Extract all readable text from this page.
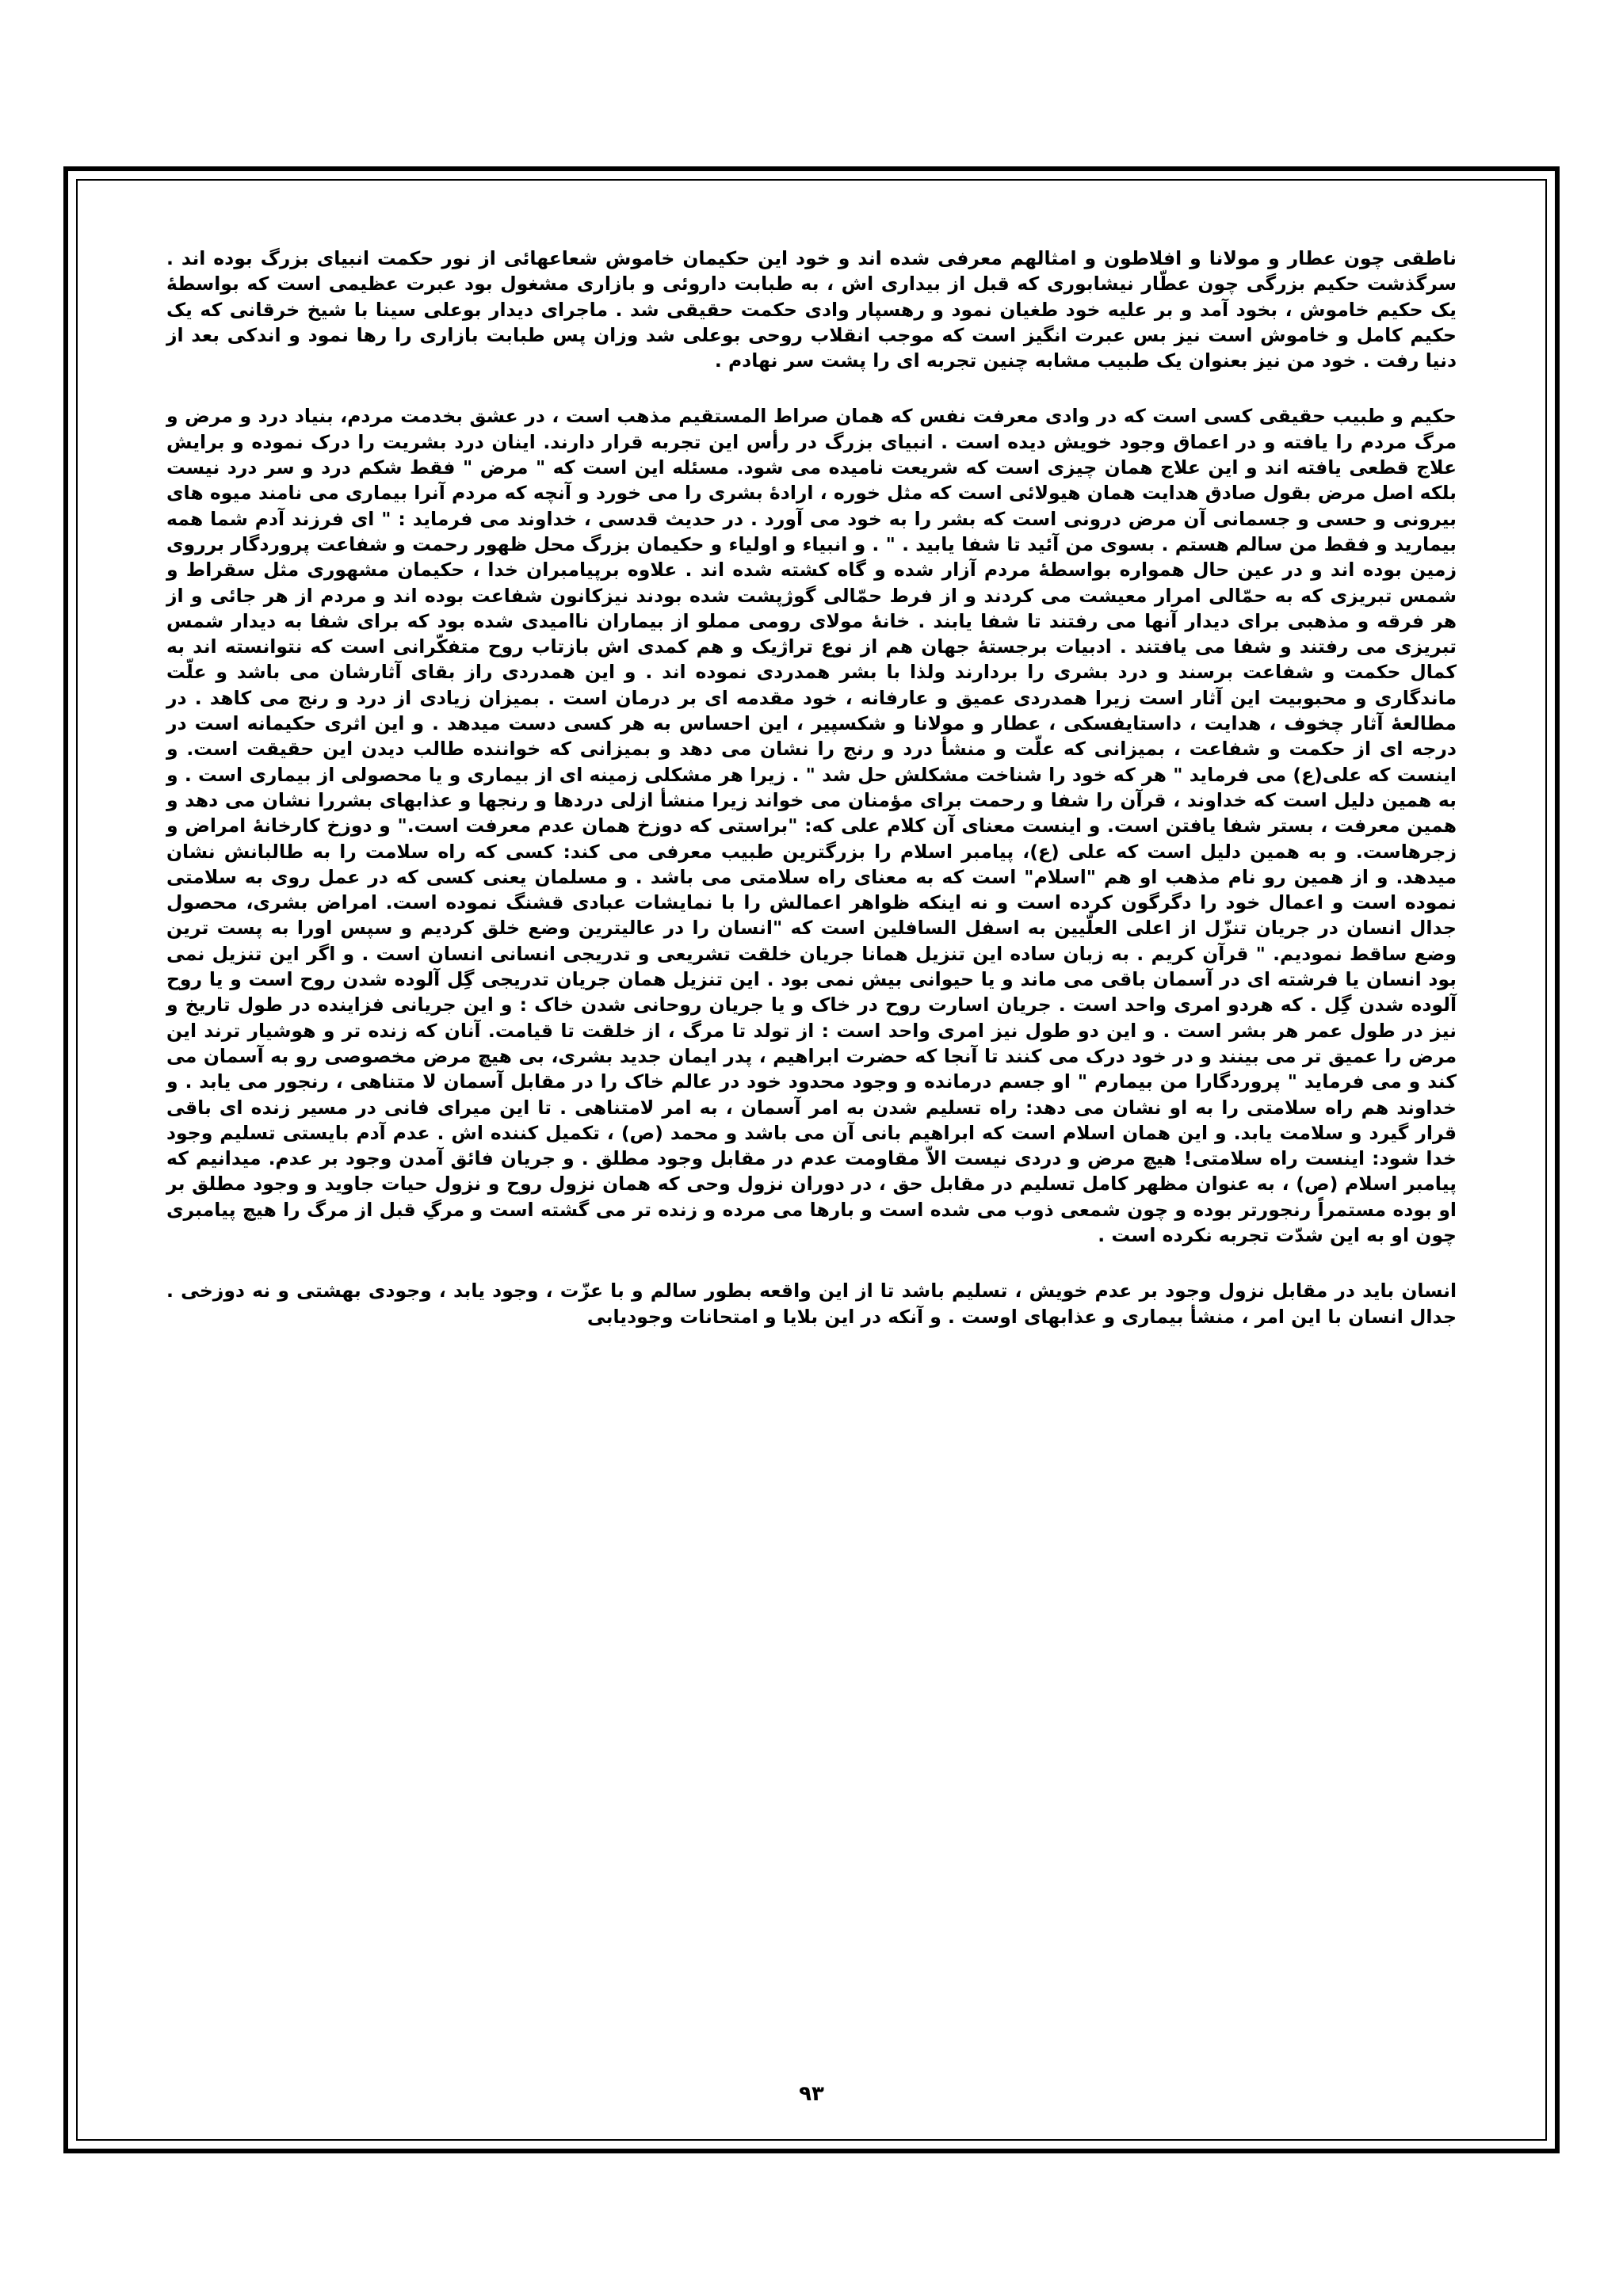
ناطقی چون عطار و مولانا و افلاطون و امثالهم معرفی شده اند و خود این حکیمان خاموش شعاعهائی از نور حکمت انبیای بزرگ بوده اند . سرگذشت حکیم بزرگی چون عطّار نیشابوری که قبل از بیداری اش ، به طبابت داروئی و بازاری مشغول بود عبرت عظیمی است که بواسطهٔ یک حکیم خاموش ، بخود آمد و بر علیه خود طغیان نمود و رهسپار وادی حکمت حقیقی شد . ماجرای دیدار بوعلی سینا با شیخ خرقانی که یک حکیم کامل و خاموش است نیز بس عبرت انگیز است که موجب انقلاب روحی بوعلی شد وزان پس طبابت بازاری را رها نمود و اندکی بعد از دنیا رفت . خود من نیز بعنوان یک طبیب مشابه چنین تجربه ای را پشت سر نهادم .

حکیم و طبیب حقیقی کسی است که در وادی معرفت نفس که همان صراط المستقیم مذهب است ، در عشق بخدمت مردم، بنیاد درد و مرض و مرگ مردم را یافته و در اعماق وجود خویش دیده است . انبیای بزرگ در رأس این تجربه قرار دارند. اینان درد بشریت را درک نموده و برایش علاج قطعی یافته اند و این علاج همان چیزی است که شریعت نامیده می شود. مسئله این است که " مرض " فقط شکم درد و سر درد نیست بلکه اصل مرض بقول صادق هدایت همان هیولائی است که مثل خوره ، ارادهٔ بشری را می خورد و آنچه که مردم آنرا بیماری می نامند میوه های بیرونی و حسی و جسمانی آن مرض درونی است که بشر را به خود می آورد . در حدیث قدسی ، خداوند می فرماید : " ای فرزند آدم شما همه بیمارید و فقط من سالم هستم . بسوی من آئید تا شفا یابید . " . و انبیاء و اولیاء و حکیمان بزرگ محل ظهور رحمت و شفاعت پروردگار برروی زمین بوده اند و در عین حال همواره بواسطهٔ مردم آزار شده و گاه کشته شده اند . علاوه برپیامبران خدا ، حکیمان مشهوری مثل سقراط و شمس تبریزی که به حمّالی امرار معیشت می کردند و از فرط حمّالی گوژپشت شده بودند نیزکانون شفاعت بوده اند و مردم از هر جائی و از هر فرقه و مذهبی برای دیدار آنها می رفتند تا شفا یابند . خانهٔ مولای رومی مملو از بیماران ناامیدی شده بود که برای شفا به دیدار شمس تبریزی می رفتند و شفا می یافتند . ادبیات برجستهٔ جهان هم از نوع تراژیک و هم کمدی اش بازتاب روح متفکّرانی است که نتوانسته اند به کمال حکمت و شفاعت برسند و درد بشری را بردارند ولذا با بشر همدردی نموده اند . و این همدردی راز بقای آثارشان می باشد و علّت ماندگاری و محبوبیت این آثار است زیرا همدردی عمیق و عارفانه ، خود مقدمه ای بر درمان است . بمیزان زیادی از درد و رنج می کاهد . در مطالعهٔ آثار چخوف ، هدایت ، داستایفسکی ، عطار و مولانا و شکسپیر ، این احساس به هر کسی دست میدهد . و این اثری حکیمانه است در درجه ای از حکمت و شفاعت ، بمیزانی که علّت و منشأ درد و رنج را نشان می دهد و بمیزانی که خواننده طالب دیدن این حقیقت است. و اینست که علی(ع) می فرماید " هر که خود را شناخت مشکلش حل شد " . زیرا هر مشکلی زمینه ای از بیماری و یا محصولی از بیماری است . و به همین دلیل است که خداوند ، قرآن را شفا و رحمت برای مؤمنان می خواند زیرا منشأ ازلی دردها و رنجها و عذابهای بشررا نشان می دهد و همین معرفت ، بستر شفا یافتن است. و اینست معنای آن کلام علی که: "براستی که دوزخ همان عدم معرفت است." و دوزخ کارخانهٔ امراض و زجرهاست. و به همین دلیل است که علی (ع)، پیامبر اسلام را بزرگترین طبیب معرفی می کند: کسی که راه سلامت را به طالبانش نشان میدهد. و از همین رو نام مذهب او هم "اسلام" است که به معنای راه سلامتی می باشد . و مسلمان یعنی کسی که در عمل روی به سلامتی نموده است و اعمال خود را دگرگون کرده است و نه اینکه ظواهر اعمالش را با نمایشات عبادی قشنگ نموده است. امراض بشری، محصول جدال انسان در جریان تنزّل از اعلی العلّیین به اسفل السافلین است که "انسان را در عالیترین وضع خلق کردیم و سپس اورا به پست ترین وضع ساقط نمودیم. " قرآن کریم . به زبان ساده این تنزیل همانا جریان خلقت تشریعی و تدریجی انسانی انسان است . و اگر این تنزیل نمی بود انسان یا فرشته ای در آسمان باقی می ماند و یا حیوانی بیش نمی بود . این تنزیل همان جریان تدریجی گِل آلوده شدن روح است و یا روح آلوده شدن گِل . که هردو امری واحد است . جریان اسارت روح در خاک و یا جریان روحانی شدن خاک : و این جریانی فزاینده در طول تاریخ و نیز در طول عمر هر بشر است . و این دو طول نیز امری واحد است : از تولد تا مرگ ، از خلقت تا قیامت. آنان که زنده تر و هوشیار ترند این مرض را عمیق تر می بینند و در خود درک می کنند تا آنجا که حضرت ابراهیم ، پدر ایمان جدید بشری، بی هیچ مرض مخصوصی رو به آسمان می کند و می فرماید " پروردگارا من بیمارم " او جسم درمانده و وجود محدود خود در عالم خاک را در مقابل آسمان لا متناهی ، رنجور می یابد . و خداوند هم راه سلامتی را به او نشان می دهد: راه تسلیم شدن به امر آسمان ، به امر لامتناهی . تا این میرای فانی در مسیر زنده ای باقی قرار گیرد و سلامت یابد. و این همان اسلام است که ابراهیم بانی آن می باشد و محمد (ص) ، تکمیل کننده اش . عدم آدم بایستی تسلیم وجود خدا شود: اینست راه سلامتی! هیچ مرض و دردی نیست الاّ مقاومت عدم در مقابل وجود مطلق . و جریان فائق آمدن وجود بر عدم. میدانیم که پیامبر اسلام (ص) ، به عنوان مظهر کامل تسلیم در مقابل حق ، در دوران نزول وحی که همان نزول روح و نزول حیات جاوید و وجود مطلق بر او بوده مستمراً رنجورتر بوده و چون شمعی ذوب می شده است و بارها می مرده و زنده تر می گشته است و مرگِ قبل از مرگ را هیچ پیامبری چون او به این شدّت تجربه نکرده است .

انسان باید در مقابل نزول وجود بر عدم خویش ، تسلیم باشد تا از این واقعه بطور سالم و با عزّت ، وجود یابد ، وجودی بهشتی و نه دوزخی . جدال انسان با این امر ، منشأ بیماری و عذابهای اوست . و آنکه در این بلایا و امتحانات وجودیابی

۹۳
